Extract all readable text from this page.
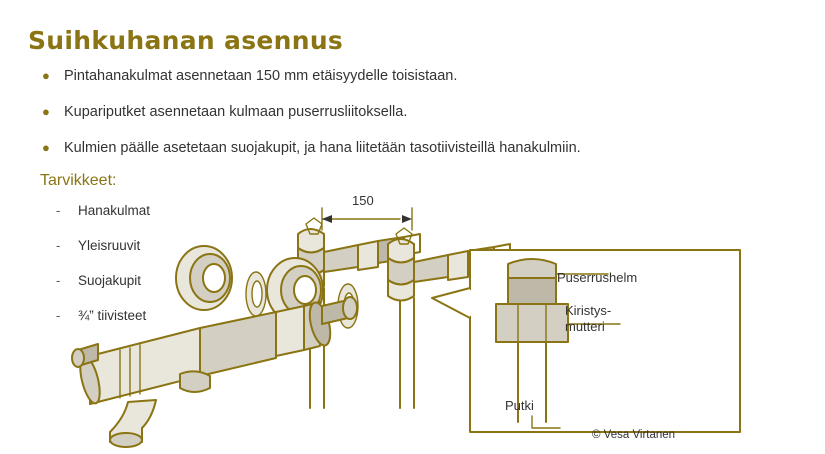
Suihkuhanan asennus
● Pintahanakulmat asennetaan 150 mm etäisyydelle toisistaan.
● Kupariputket asennetaan kulmaan puserrusliitoksella.
● Kulmien päälle asetetaan suojakupit, ja hana liitetään tasotiivisteillä hanakulmiin.
Tarvikkeet:
-	Hanakulmat
-	Yleisruuvit
-	Suojakupit
-	¾” tiivisteet
150
Puserrushelm
Kiristys-
mutteri
Putki
© Vesa Virtanen
